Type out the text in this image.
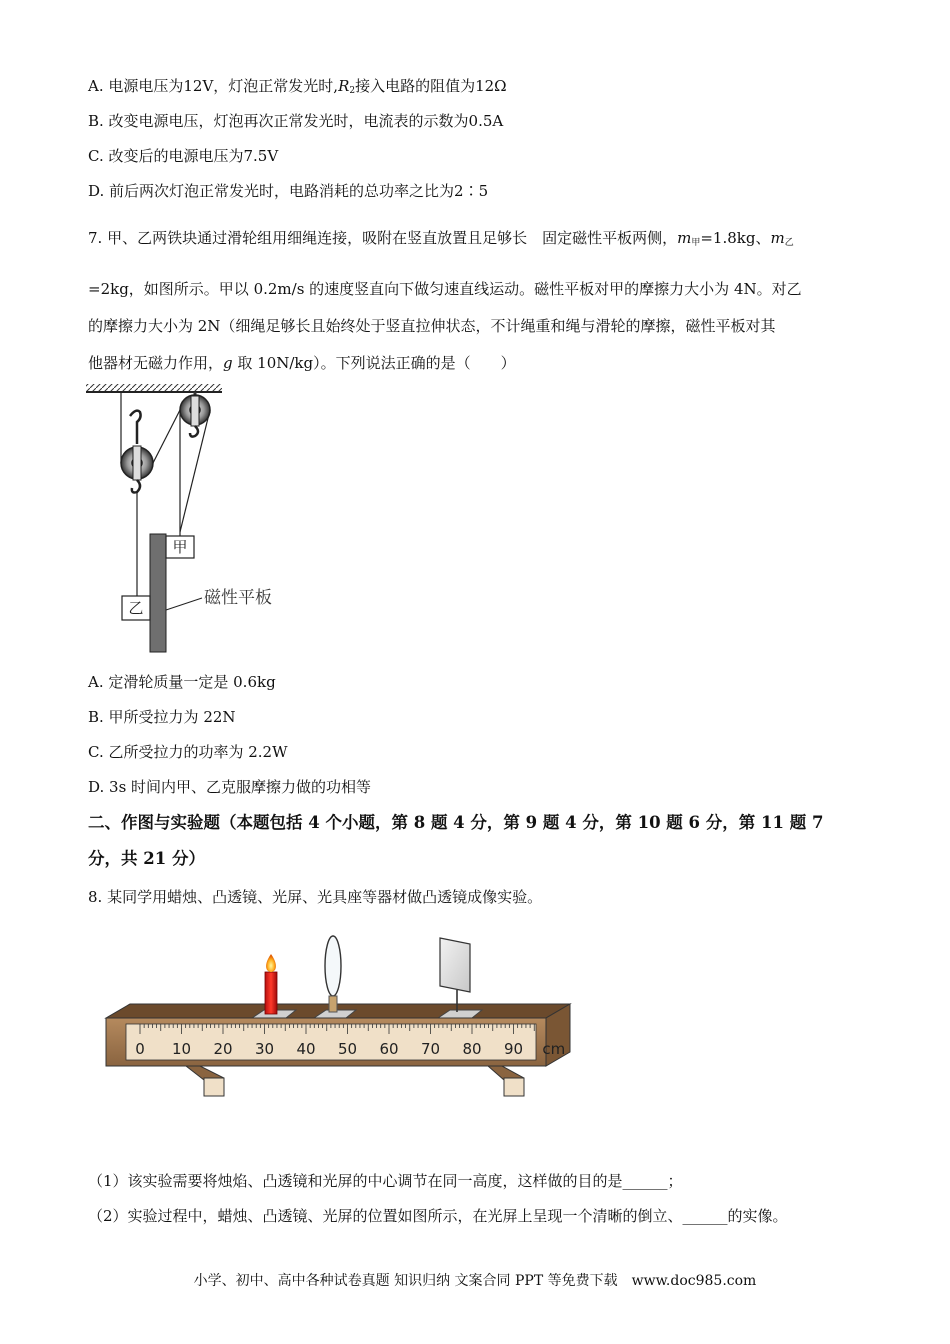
A. 电源电压为12V，灯泡正常发光时$,R_2$接入电路的阻值为12Ω
B. 改变电源电压，灯泡再次正常发光时，电流表的示数为0.5A
C. 改变后的电源电压为7.5V
D. 前后两次灯泡正常发光时，电路消耗的总功率之比为2∶5
7. 甲、乙两铁块通过滑轮组用细绳连接，吸附在竖直放置且足够长　固定磁性平板两侧，$m_甲=1.8kg$、$m_乙$
=2kg，如图所示。甲以 0.2m/s 的速度竖直向下做匀速直线运动。磁性平板对甲的摩擦力大小为 4N。对乙
的摩擦力大小为 2N（细绳足够长且始终处于竖直拉伸状态，不计绳重和绳与滑轮的摩擦，磁性平板对其
他器材无磁力作用，g 取 10N/kg）。下列说法正确的是（　　）
甲
乙	磁性平板
A. 定滑轮质量一定是 0.6kg
B. 甲所受拉力为 22N
C. 乙所受拉力的功率为 2.2W
D. 3s 时间内甲、乙克服摩擦力做的功相等
二、作图与实验题（本题包括 4 个小题，第 8 题 4 分，第 9 题 4 分，第 10 题 6 分，第 11 题 7
分，共 21 分）
8. 某同学用蜡烛、凸透镜、光屏、光具座等器材做凸透镜成像实验。
0 10 20 30 40 50 60 70 80 90 cm
（1）该实验需要将烛焰、凸透镜和光屏的中心调节在同一高度，这样做的目的是______；
（2）实验过程中，蜡烛、凸透镜、光屏的位置如图所示，在光屏上呈现一个清晰的倒立、______的实像。
小学、初中、高中各种试卷真题 知识归纳 文案合同 PPT 等免费下载　www.doc985.com
